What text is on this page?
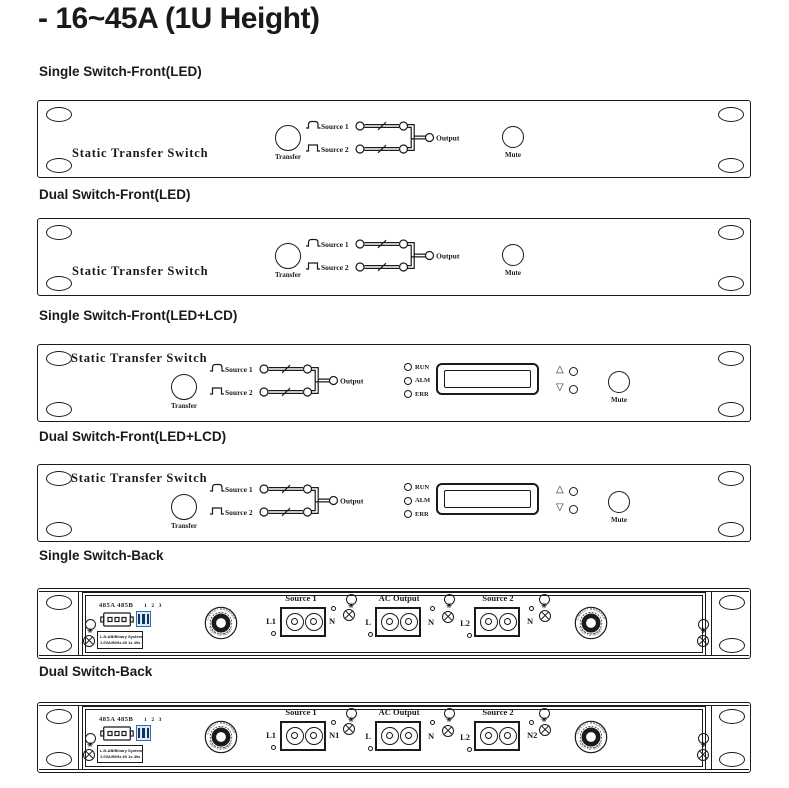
- 16~45A (1U Height)
Single Switch-Front(LED)
Dual Switch-Front(LED)
Single Switch-Front(LED+LCD)
Dual Switch-Front(LED+LCD)
Single Switch-Back
Dual Switch-Back
Static Transfer Switch	Transfer
Source 1
Source 2
Output
Mute
Static Transfer Switch	Transfer
Source 1
Source 2
Output
Mute
Static Transfer Switch
Transfer
Source 1
Source 2
Output
RUN
ALM
ERR
△
▽
Mute
Static Transfer Switch
Transfer
Source 1
Source 2
Output
RUN
ALM
ERR
△
▽
Mute
✳
485A 485B 1 2 3
L.N.AB/Binary System
1.0VA/50Hz-60 1s 40s
CIRCUIT BREAKER
PUSH TO RESET
Source 1
L1	N
✳	L
AC Output
N
✳	L2
Source 2
N
✳	CIRCUIT BREAKER
PUSH TO RESET
✳
✳
485A 485B 1 2 3
L.N.AB/Binary System
1.0VA/50Hz-60 1s 40s
CIRCUIT BREAKER
PUSH TO RESET
Source 1
L1	N1
✳	L
AC Output
N
✳	L2
Source 2
N2
✳	CIRCUIT BREAKER
PUSH TO RESET
✳
